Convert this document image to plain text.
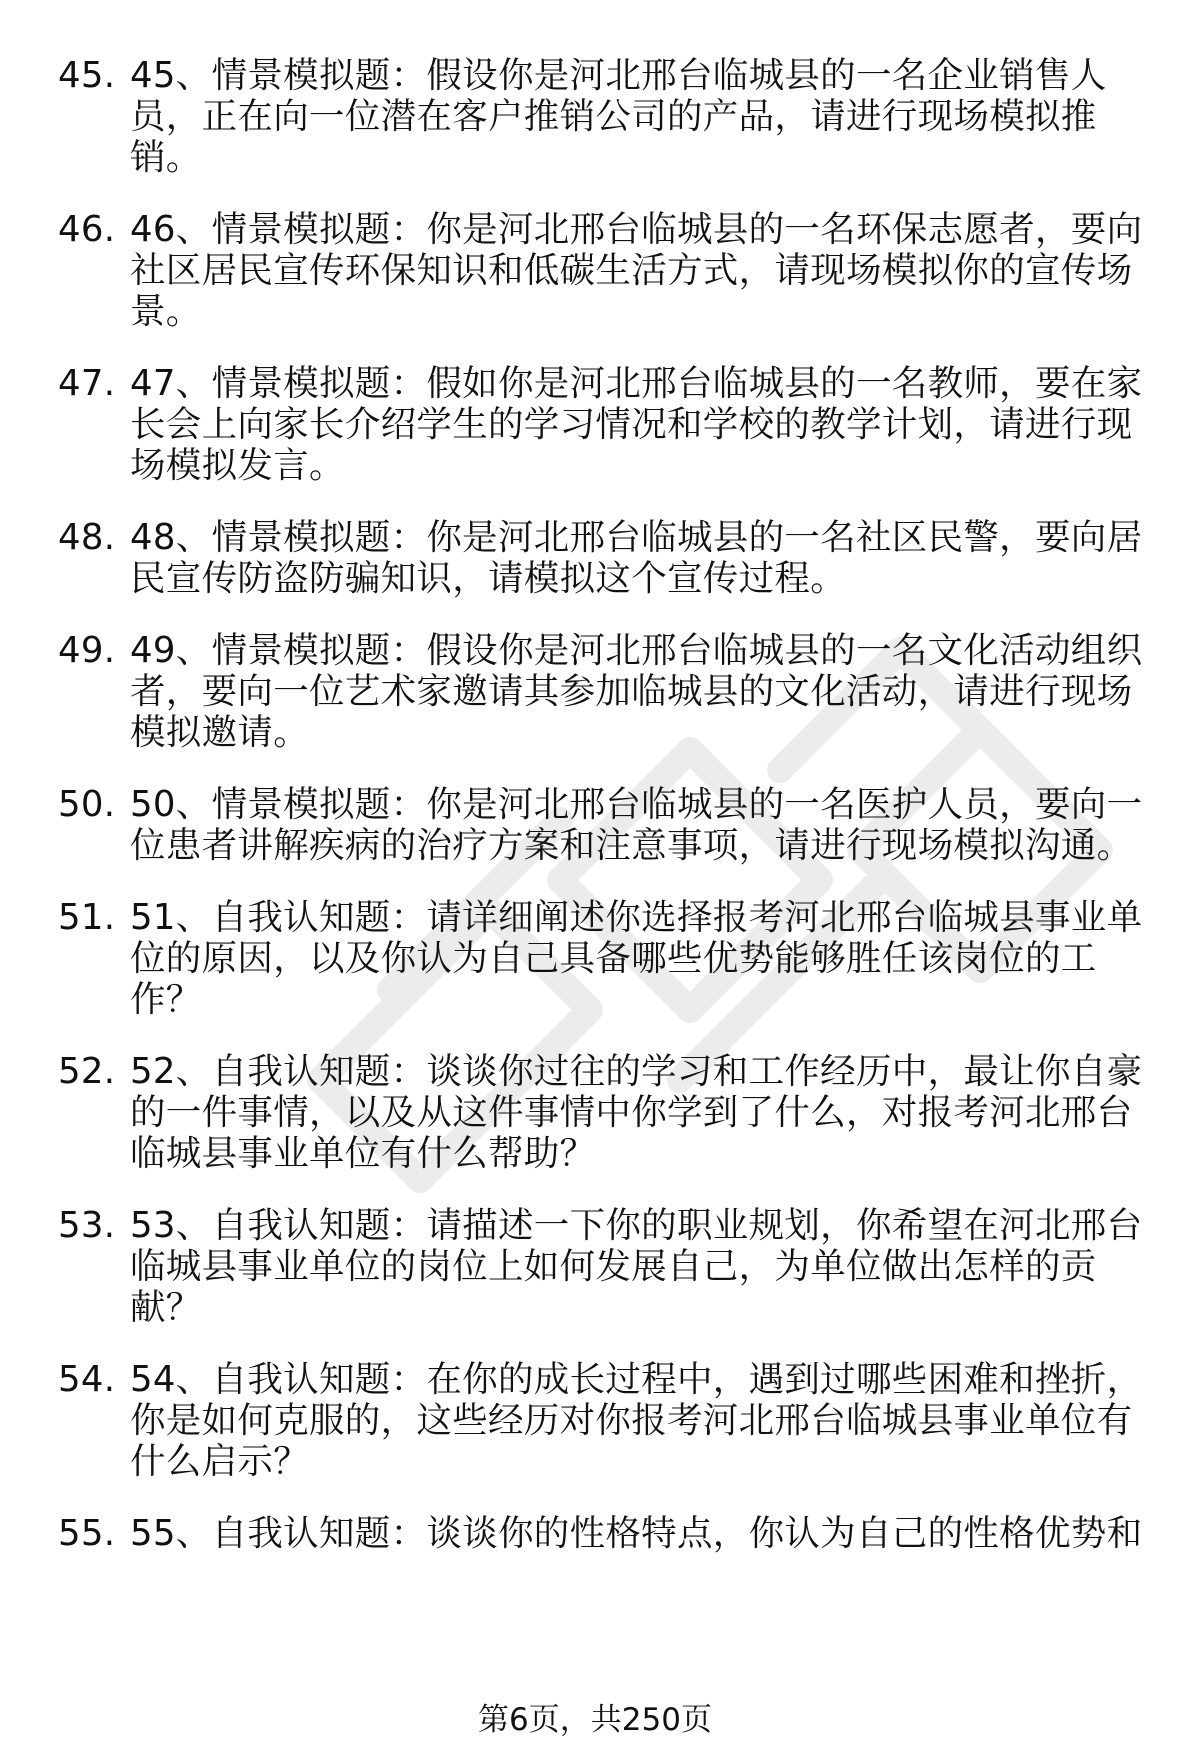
45. 45、情景模拟题：假设你是河北邢台临城县的一名企业销售人员，正在向一位潜在客户推销公司的产品，请进行现场模拟推销。
46. 46、情景模拟题：你是河北邢台临城县的一名环保志愿者，要向社区居民宣传环保知识和低碳生活方式，请现场模拟你的宣传场景。
47. 47、情景模拟题：假如你是河北邢台临城县的一名教师，要在家长会上向家长介绍学生的学习情况和学校的教学计划，请进行现场模拟发言。
48. 48、情景模拟题：你是河北邢台临城县的一名社区民警，要向居民宣传防盗防骗知识，请模拟这个宣传过程。
49. 49、情景模拟题：假设你是河北邢台临城县的一名文化活动组织者，要向一位艺术家邀请其参加临城县的文化活动，请进行现场模拟邀请。
50. 50、情景模拟题：你是河北邢台临城县的一名医护人员，要向一位患者讲解疾病的治疗方案和注意事项，请进行现场模拟沟通。
51. 51、自我认知题：请详细阐述你选择报考河北邢台临城县事业单位的原因，以及你认为自己具备哪些优势能够胜任该岗位的工作？
52. 52、自我认知题：谈谈你过往的学习和工作经历中，最让你自豪的一件事情，以及从这件事情中你学到了什么，对报考河北邢台临城县事业单位有什么帮助？
53. 53、自我认知题：请描述一下你的职业规划，你希望在河北邢台临城县事业单位的岗位上如何发展自己，为单位做出怎样的贡献？
54. 54、自我认知题：在你的成长过程中，遇到过哪些困难和挫折，你是如何克服的，这些经历对你报考河北邢台临城县事业单位有什么启示？
55. 55、自我认知题：谈谈你的性格特点，你认为自己的性格优势和
第6页，共250页
